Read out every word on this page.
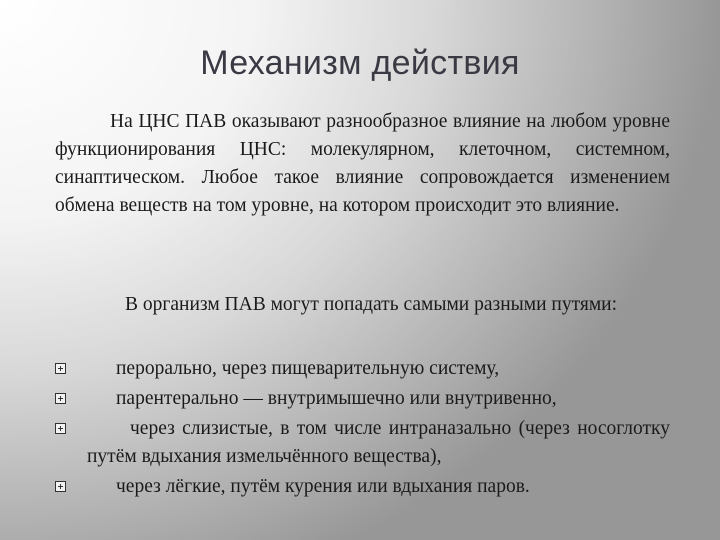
Механизм действия
На ЦНС ПАВ оказывают разнообразное влияние на любом уровне функционирования ЦНС: молекулярном, клеточном, системном, синаптическом. Любое такое влияние сопровождается изменением обмена веществ на том уровне, на котором происходит это влияние.
В организм ПАВ могут попадать самыми разными путями:
перорально, через пищеварительную систему,
парентерально — внутримышечно или внутривенно,
через слизистые, в том числе интраназально (через носоглотку путём вдыхания измельчённого вещества),
через лёгкие, путём курения или вдыхания паров.
